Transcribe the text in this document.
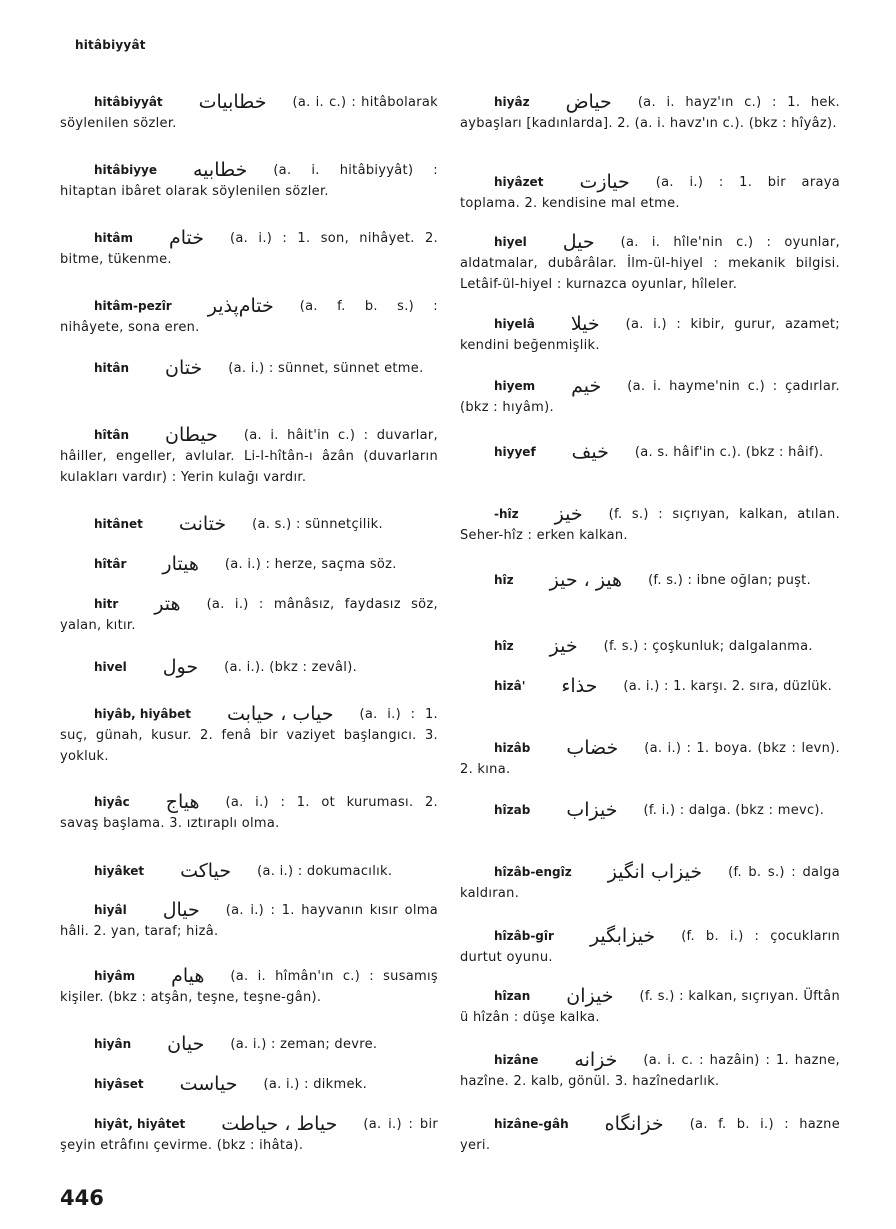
hitâbiyyât
hitâbiyyât خطابيات (a. i. c.) : hitâbolarak söylenilen sözler.
hitâbiyye خطابيه (a. i. hitâbiyyât) : hitaptan ibâret olarak söylenilen sözler.
hitâm ختام (a. i.) : 1. son, nihâyet. 2. bitme, tükenme.
hitâm-pezîr ختام‌پذير (a. f. b. s.) : nihâyete, sona eren.
hitân ختان (a. i.) : sünnet, sünnet etme.
hîtân حيطان (a. i. hâit'in c.) : duvarlar, hâiller, engeller, avlular. Li-l-hîtân-ı âzân (duvarların kulakları vardır) : Yerin kulağı vardır.
hitânet ختانت (a. s.) : sünnetçilik.
hîtâr هيتار (a. i.) : herze, saçma söz.
hitr هتر (a. i.) : mânâsız, faydasız söz, yalan, kıtır.
hivel حول (a. i.). (bkz : zevâl).
hiyâb, hiyâbet حياب ، حيابت (a. i.) : 1. suç, günah, kusur. 2. fenâ bir vaziyet başlangıcı. 3. yokluk.
hiyâc هياج (a. i.) : 1. ot kuruması. 2. savaş başlama. 3. ıztıraplı olma.
hiyâket حياكت (a. i.) : dokumacılık.
hiyâl حيال (a. i.) : 1. hayvanın kısır olma hâli. 2. yan, taraf; hizâ.
hiyâm هيام (a. i. hîmân'ın c.) : susamış kişiler. (bkz : atşân, teşne, teşne-gân).
hiyân حيان (a. i.) : zeman; devre.
hiyâset حياست (a. i.) : dikmek.
hiyât, hiyâtet حياط ، حياطت (a. i.) : bir şeyin etrâfını çevirme. (bkz : ihâta).
hiyâz حياض (a. i. hayz'ın c.) : 1. hek. aybaşları [kadınlarda]. 2. (a. i. havz'ın c.). (bkz : hîyâz).
hiyâzet حيازت (a. i.) : 1. bir araya toplama. 2. kendisine mal etme.
hiyel حيل (a. i. hîle'nin c.) : oyunlar, aldatmalar, dubârâlar. İlm-ül-hiyel : mekanik bilgisi. Letâif-ül-hiyel : kurnazca oyunlar, hîleler.
hiyelâ خيلا (a. i.) : kibir, gurur, azamet; kendini beğenmişlik.
hiyem خيم (a. i. hayme'nin c.) : çadırlar. (bkz : hıyâm).
hiyyef خيف (a. s. hâif'in c.). (bkz : hâif).
-hîz خيز (f. s.) : sıçrıyan, kalkan, atılan. Seher-hîz : erken kalkan.
hîz هيز ، حيز (f. s.) : ibne oğlan; puşt.
hîz خيز (f. s.) : çoşkunluk; dalgalanma.
hizâ' حذاء (a. i.) : 1. karşı. 2. sıra, düzlük.
hizâb خضاب (a. i.) : 1. boya. (bkz : levn). 2. kına.
hîzab خيزاب (f. i.) : dalga. (bkz : mevc).
hîzâb-engîz خيزاب انگيز (f. b. s.) : dalga kaldıran.
hîzâb-gîr خيزابگير (f. b. i.) : çocukların durtut oyunu.
hîzan خيزان (f. s.) : kalkan, sıçrıyan. Üftân ü hîzân : düşe kalka.
hizâne خزانه (a. i. c. : hazâin) : 1. hazne, hazîne. 2. kalb, gönül. 3. hazînedarlık.
hizâne-gâh خزانگاه (a. f. b. i.) : hazne yeri.
446
